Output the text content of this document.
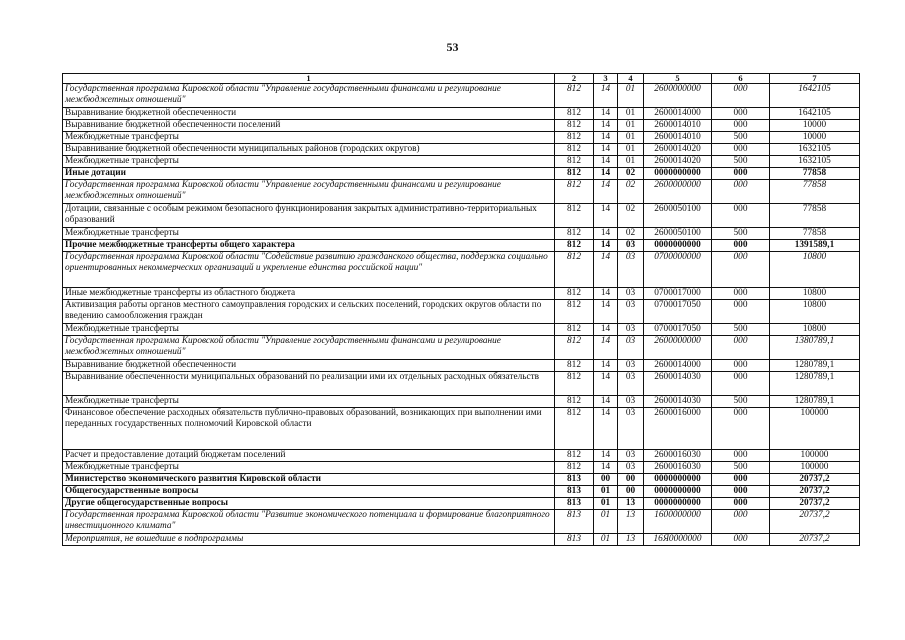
53
1	2	3	4	5	6	7
Государственная программа Кировской области "Управление государственными финансами и регулирование межбюджетных отношений"	812	14	01	2600000000	000	1642105
Выравнивание бюджетной обеспеченности	812	14	01	2600014000	000	1642105
Выравнивание бюджетной обеспеченности поселений	812	14	01	2600014010	000	10000
Межбюджетные трансферты	812	14	01	2600014010	500	10000
Выравнивание бюджетной обеспеченности муниципальных районов (городских округов)	812	14	01	2600014020	000	1632105
Межбюджетные трансферты	812	14	01	2600014020	500	1632105
Иные дотации	812	14	02	0000000000	000	77858
Государственная программа Кировской области "Управление государственными финансами и регулирование межбюджетных отношений"	812	14	02	2600000000	000	77858
Дотации, связанные с особым режимом безопасного функционирования закрытых административно-территориальных образований	812	14	02	2600050100	000	77858
Межбюджетные трансферты	812	14	02	2600050100	500	77858
Прочие межбюджетные трансферты общего характера	812	14	03	0000000000	000	1391589,1
Государственная программа Кировской области "Содействие развитию гражданского общества, поддержка социально ориентированных некоммерческих организаций и укрепление единства российской нации"	812	14	03	0700000000	000	10800
Иные межбюджетные трансферты из областного бюджета	812	14	03	0700017000	000	10800
Активизация работы органов местного самоуправления городских и сельских поселений, городских округов области по введению самообложения граждан	812	14	03	0700017050	000	10800
Межбюджетные трансферты	812	14	03	0700017050	500	10800
Государственная программа Кировской области "Управление государственными финансами и регулирование межбюджетных отношений"	812	14	03	2600000000	000	1380789,1
Выравнивание бюджетной обеспеченности	812	14	03	2600014000	000	1280789,1
Выравнивание обеспеченности муниципальных образований по реализации ими их отдельных расходных обязательств	812	14	03	2600014030	000	1280789,1
Межбюджетные трансферты	812	14	03	2600014030	500	1280789,1
Финансовое обеспечение расходных обязательств публично-правовых образований, возникающих при выполнении ими переданных государственных полномочий Кировской области	812	14	03	2600016000	000	100000
Расчет и предоставление дотаций бюджетам поселений	812	14	03	2600016030	000	100000
Межбюджетные трансферты	812	14	03	2600016030	500	100000
Министерство экономического развития Кировской области	813	00	00	0000000000	000	20737,2
Общегосударственные вопросы	813	01	00	0000000000	000	20737,2
Другие общегосударственные вопросы	813	01	13	0000000000	000	20737,2
Государственная программа Кировской области "Развитие экономического потенциала и формирование благоприятного инвестиционного климата"	813	01	13	1600000000	000	20737,2
Мероприятия, не вошедшие в подпрограммы	813	01	13	16Я0000000	000	20737,2
